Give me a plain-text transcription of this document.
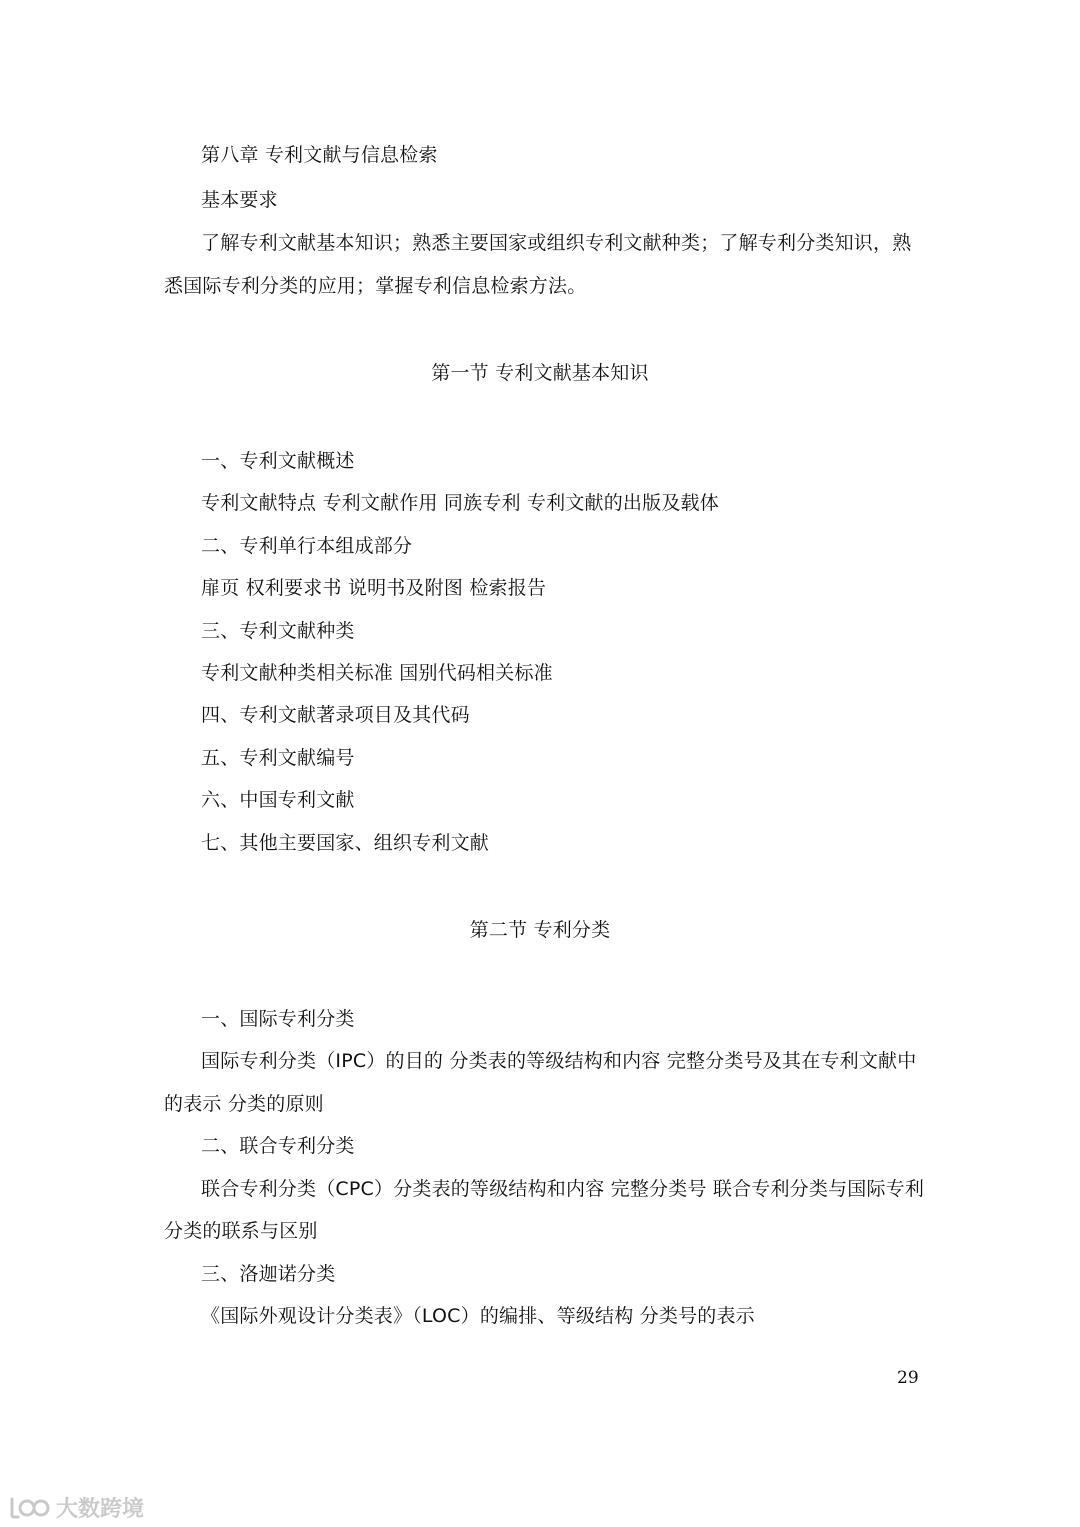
第八章 专利文献与信息检索
基本要求
了解专利文献基本知识；熟悉主要国家或组织专利文献种类；了解专利分类知识，熟
悉国际专利分类的应用；掌握专利信息检索方法。
第一节 专利文献基本知识
一、专利文献概述
专利文献特点 专利文献作用 同族专利 专利文献的出版及载体
二、专利单行本组成部分
扉页 权利要求书 说明书及附图 检索报告
三、专利文献种类
专利文献种类相关标准 国别代码相关标准
四、专利文献著录项目及其代码
五、专利文献编号
六、中国专利文献
七、其他主要国家、组织专利文献
第二节 专利分类
一、国际专利分类
国际专利分类（IPC）的目的 分类表的等级结构和内容 完整分类号及其在专利文献中
的表示 分类的原则
二、联合专利分类
联合专利分类（CPC）分类表的等级结构和内容 完整分类号 联合专利分类与国际专利
分类的联系与区别
三、洛迦诺分类
《国际外观设计分类表》（LOC）的编排、等级结构 分类号的表示
29
大数跨境
